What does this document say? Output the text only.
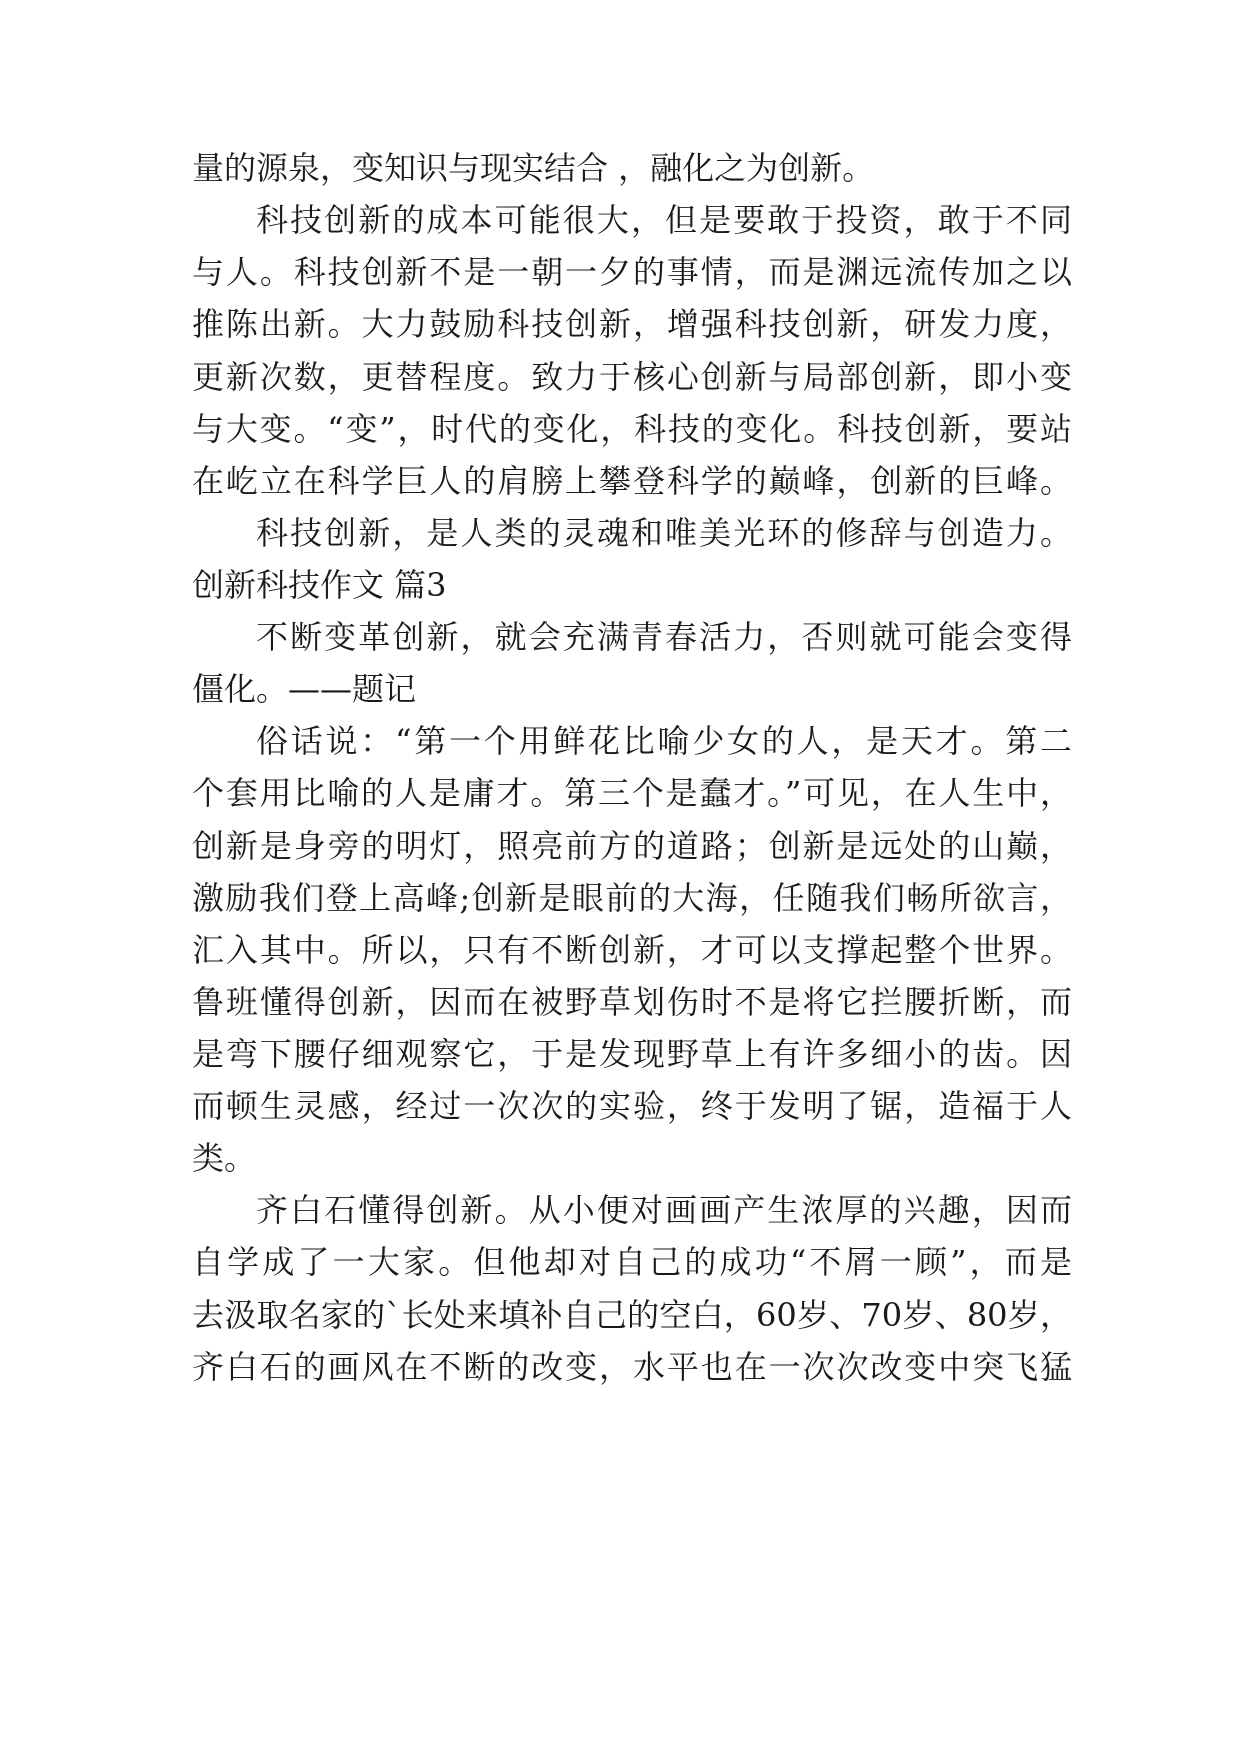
量的源泉，变知识与现实结合 ，融化之为创新。
科技创新的成本可能很大，但是要敢于投资，敢于不同
与人。科技创新不是一朝一夕的事情，而是渊远流传加之以
推陈出新。大力鼓励科技创新，增强科技创新，研发力度，
更新次数，更替程度。致力于核心创新与局部创新，即小变
与大变。“变”，时代的变化，科技的变化。科技创新，要站
在屹立在科学巨人的肩膀上攀登科学的巅峰，创新的巨峰。
科技创新，是人类的灵魂和唯美光环的修辞与创造力。
创新科技作文 篇3
不断变革创新，就会充满青春活力，否则就可能会变得
僵化。——题记
俗话说：“第一个用鲜花比喻少女的人，是天才。第二
个套用比喻的人是庸才。第三个是蠢才。”可见，在人生中，
创新是身旁的明灯，照亮前方的道路；创新是远处的山巅，
激励我们登上高峰;创新是眼前的大海，任随我们畅所欲言，
汇入其中。所以，只有不断创新，才可以支撑起整个世界。
鲁班懂得创新，因而在被野草划伤时不是将它拦腰折断，而
是弯下腰仔细观察它，于是发现野草上有许多细小的齿。因
而顿生灵感，经过一次次的实验，终于发明了锯，造福于人
类。
齐白石懂得创新。从小便对画画产生浓厚的兴趣，因而
自学成了一大家。但他却对自己的成功“不屑一顾”，而是
去汲取名家的`长处来填补自己的空白，60岁、70岁、80岁，
齐白石的画风在不断的改变，水平也在一次次改变中突飞猛
